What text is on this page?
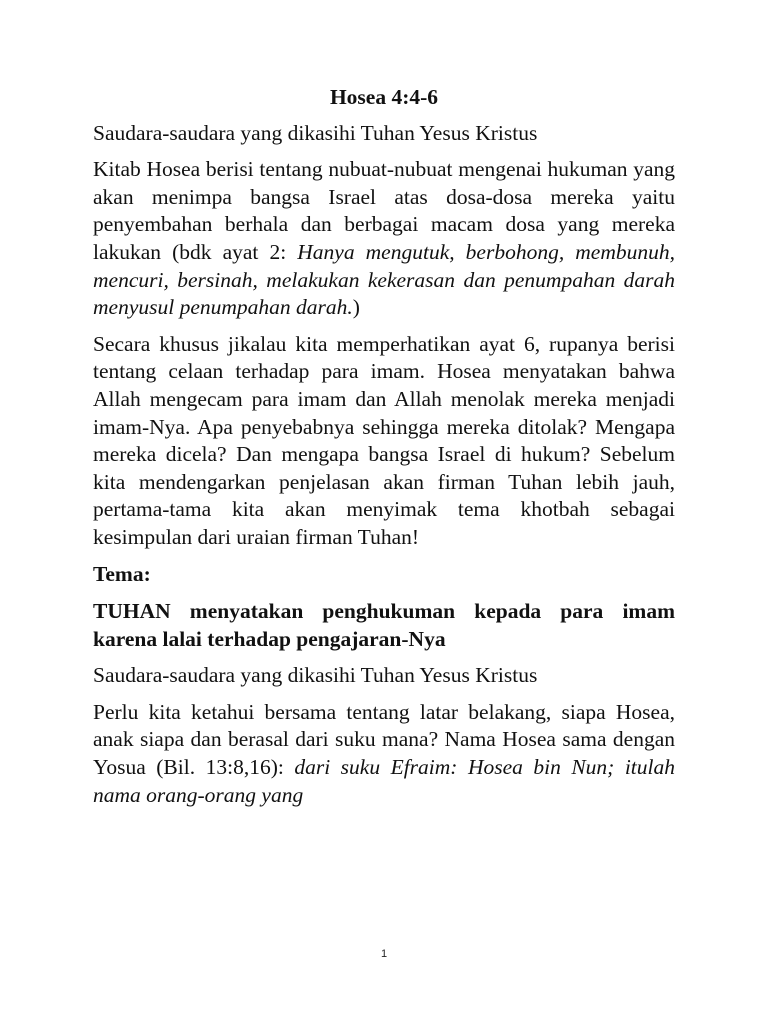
Hosea 4:4-6

Saudara-saudara yang dikasihi Tuhan Yesus Kristus

Kitab Hosea berisi tentang nubuat-nubuat mengenai hukuman yang akan menimpa bangsa Israel atas dosa-dosa mereka yaitu penyembahan berhala dan berbagai macam dosa yang mereka lakukan (bdk ayat 2: Hanya mengutuk, berbohong, membunuh, mencuri, bersinah, melakukan kekerasan dan penumpahan darah menyusul penumpahan darah.)

Secara khusus jikalau kita memperhatikan ayat 6, rupanya berisi tentang celaan terhadap para imam. Hosea menyatakan bahwa Allah mengecam para imam dan Allah menolak mereka menjadi imam-Nya. Apa penyebabnya sehingga mereka ditolak? Mengapa mereka dicela? Dan mengapa bangsa Israel di hukum? Sebelum kita mendengarkan penjelasan akan firman Tuhan lebih jauh, pertama-tama kita akan menyimak tema khotbah sebagai kesimpulan dari uraian firman Tuhan!

Tema:
TUHAN menyatakan penghukuman kepada para imam karena lalai terhadap pengajaran-Nya

Saudara-saudara yang dikasihi Tuhan Yesus Kristus

Perlu kita ketahui bersama tentang latar belakang, siapa Hosea, anak siapa dan berasal dari suku mana? Nama Hosea sama dengan Yosua (Bil. 13:8,16): dari suku Efraim: Hosea bin Nun; itulah nama orang-orang yang

1
